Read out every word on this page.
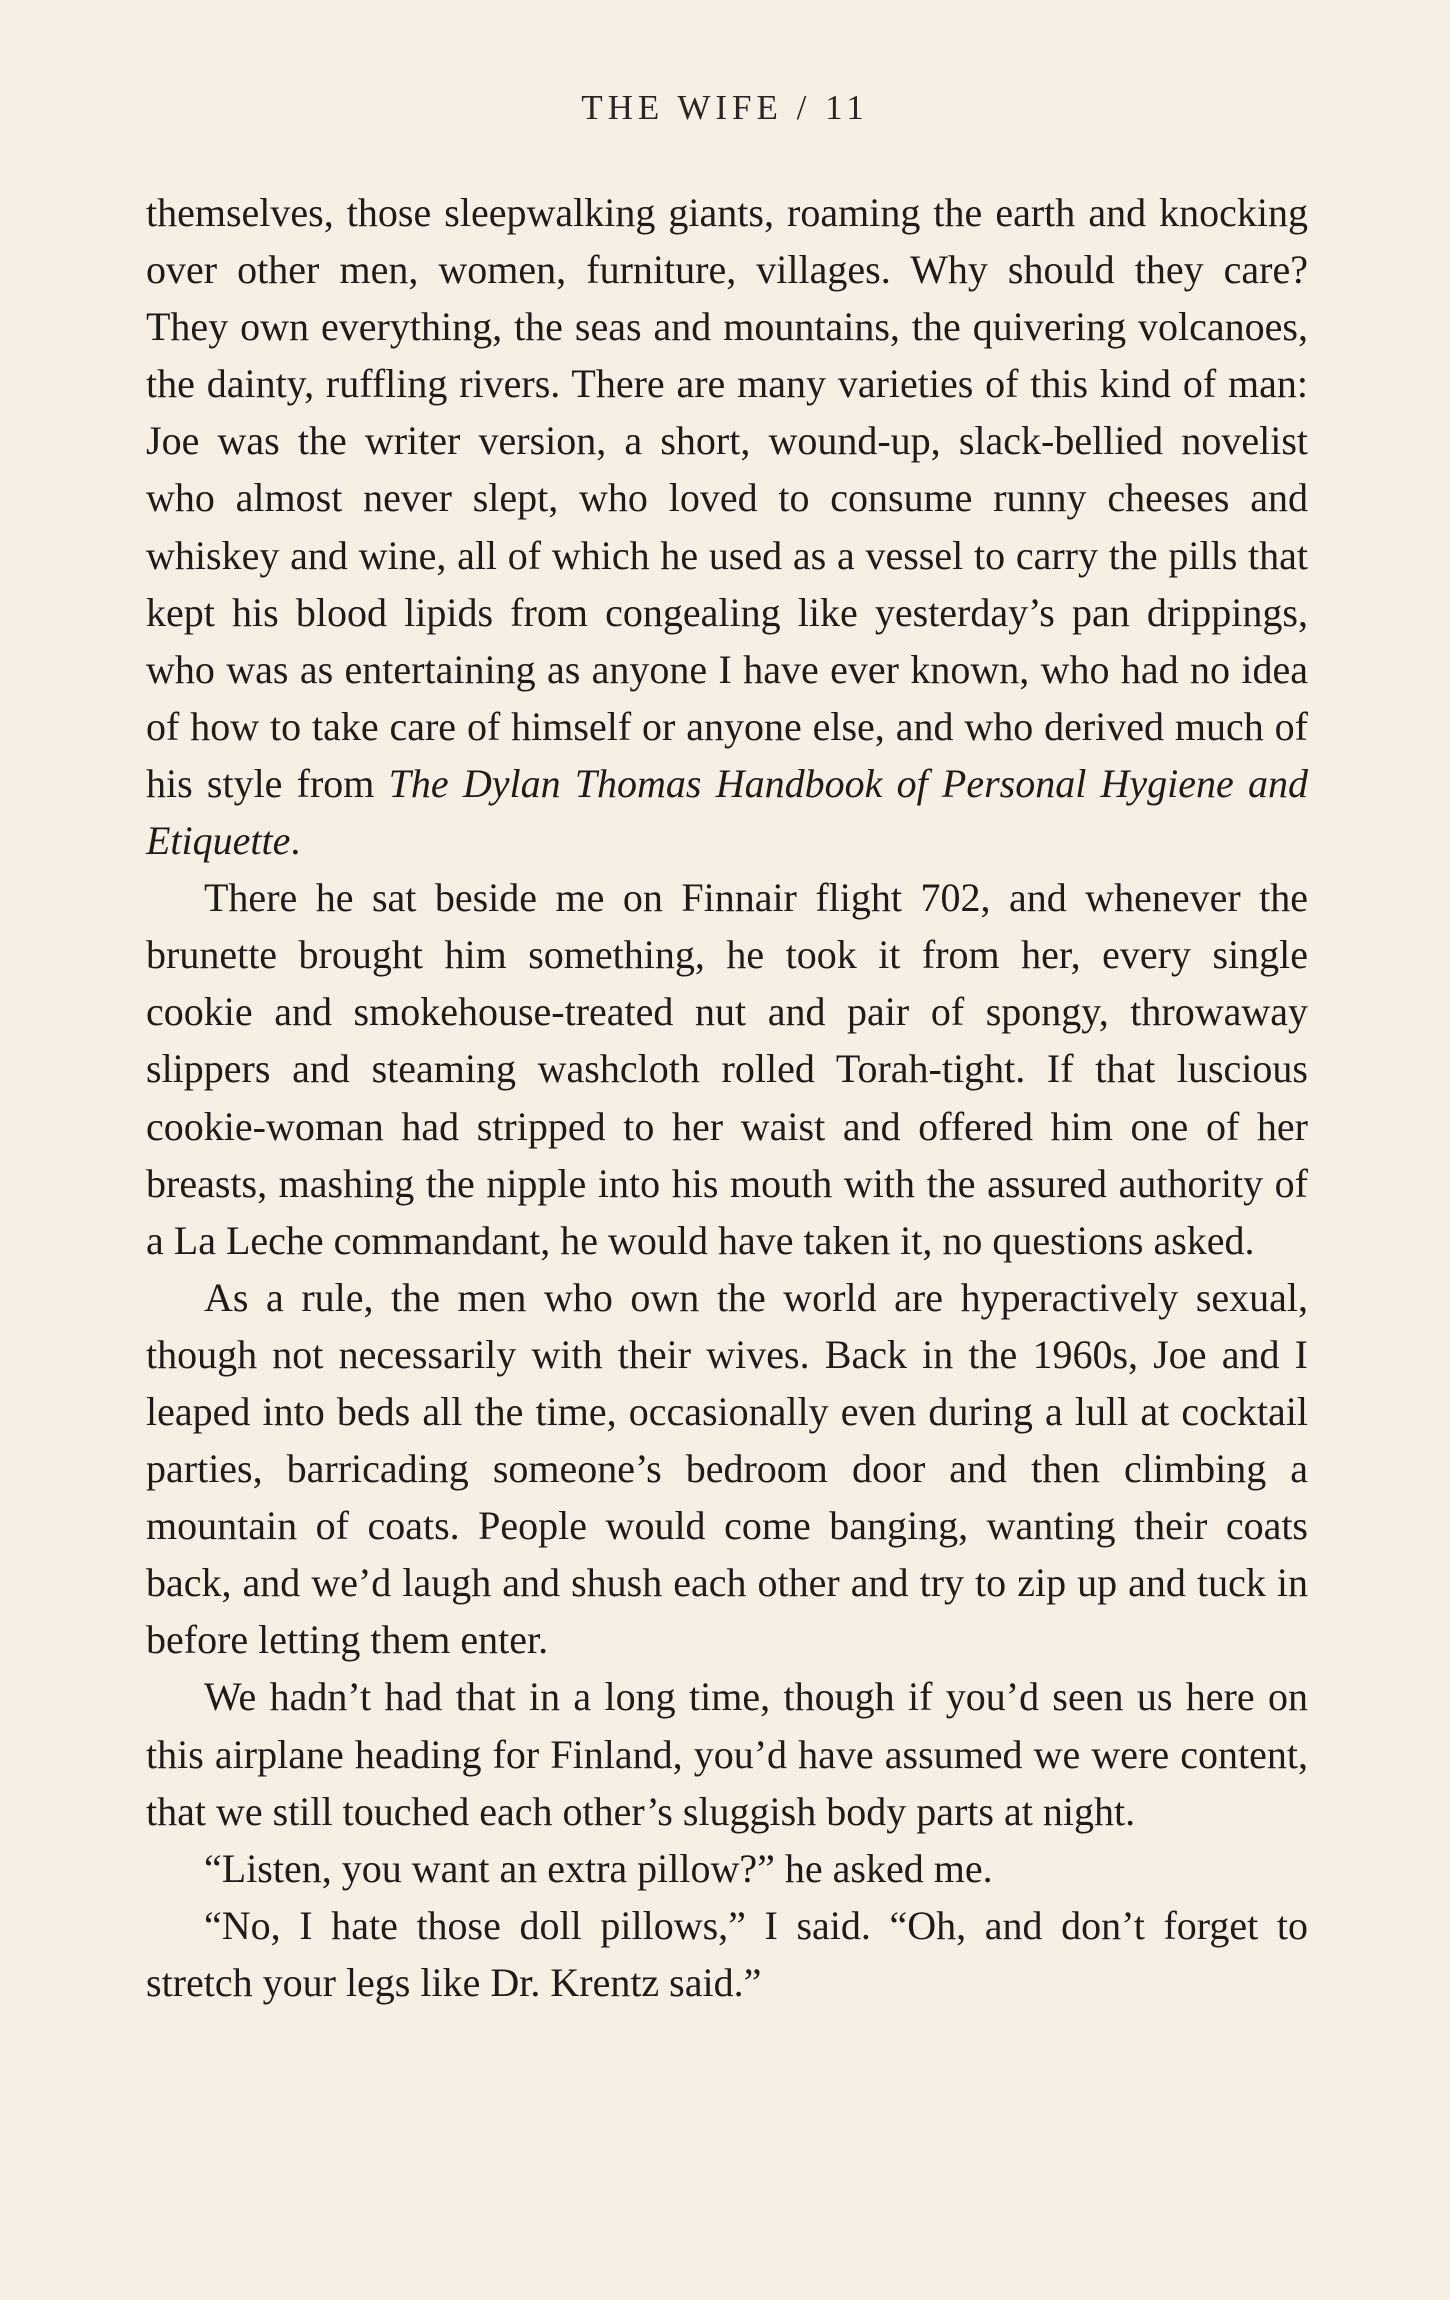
THE WIFE / 11

themselves, those sleepwalking giants, roaming the earth and knocking over other men, women, furniture, villages. Why should they care? They own everything, the seas and mountains, the quivering volcanoes, the dainty, ruffling rivers. There are many varieties of this kind of man: Joe was the writer version, a short, wound-up, slack-bellied novelist who almost never slept, who loved to consume runny cheeses and whiskey and wine, all of which he used as a vessel to carry the pills that kept his blood lipids from congealing like yesterday’s pan drippings, who was as entertaining as anyone I have ever known, who had no idea of how to take care of himself or anyone else, and who derived much of his style from The Dylan Thomas Handbook of Personal Hygiene and Etiquette.

There he sat beside me on Finnair flight 702, and whenever the brunette brought him something, he took it from her, every single cookie and smokehouse-treated nut and pair of spongy, throwaway slippers and steaming washcloth rolled Torah-tight. If that luscious cookie-woman had stripped to her waist and offered him one of her breasts, mashing the nipple into his mouth with the assured authority of a La Leche commandant, he would have taken it, no questions asked.

As a rule, the men who own the world are hyperactively sexual, though not necessarily with their wives. Back in the 1960s, Joe and I leaped into beds all the time, occasionally even during a lull at cocktail parties, barricading someone’s bedroom door and then climbing a mountain of coats. People would come banging, wanting their coats back, and we’d laugh and shush each other and try to zip up and tuck in before letting them enter.

We hadn’t had that in a long time, though if you’d seen us here on this airplane heading for Finland, you’d have assumed we were content, that we still touched each other’s sluggish body parts at night.

“Listen, you want an extra pillow?” he asked me.

“No, I hate those doll pillows,” I said. “Oh, and don’t forget to stretch your legs like Dr. Krentz said.”
